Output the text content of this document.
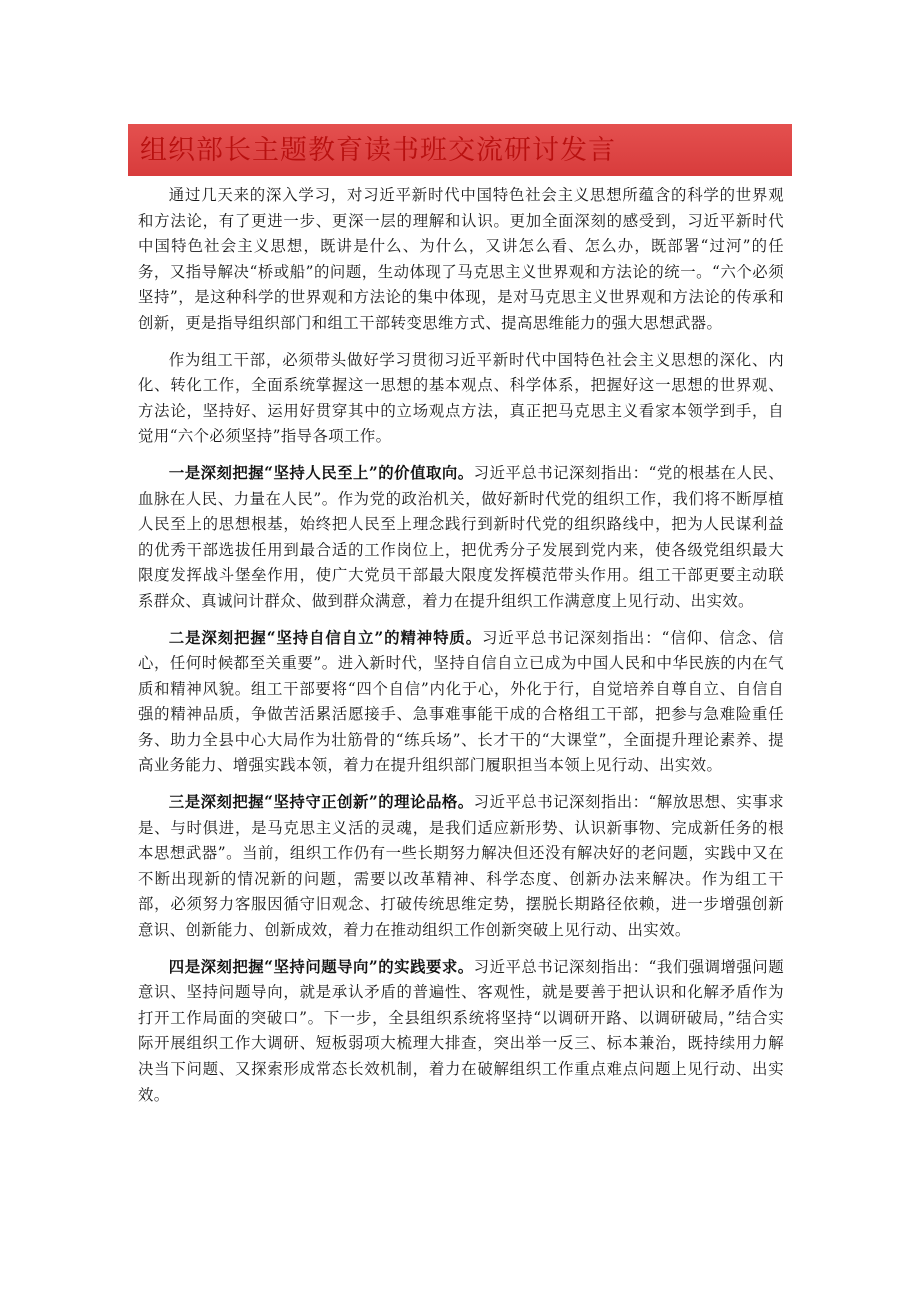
组织部长主题教育读书班交流研讨发言

通过几天来的深入学习，对习近平新时代中国特色社会主义思想所蕴含的科学的世界观和方法论，有了更进一步、更深一层的理解和认识。更加全面深刻的感受到，习近平新时代中国特色社会主义思想，既讲是什么、为什么，又讲怎么看、怎么办，既部署“过河”的任务，又指导解决“桥或船”的问题，生动体现了马克思主义世界观和方法论的统一。“六个必须坚持”，是这种科学的世界观和方法论的集中体现，是对马克思主义世界观和方法论的传承和创新，更是指导组织部门和组工干部转变思维方式、提高思维能力的强大思想武器。

作为组工干部，必须带头做好学习贯彻习近平新时代中国特色社会主义思想的深化、内化、转化工作，全面系统掌握这一思想的基本观点、科学体系，把握好这一思想的世界观、方法论，坚持好、运用好贯穿其中的立场观点方法，真正把马克思主义看家本领学到手，自觉用“六个必须坚持”指导各项工作。

一是深刻把握“坚持人民至上”的价值取向。习近平总书记深刻指出：“党的根基在人民、血脉在人民、力量在人民”。作为党的政治机关，做好新时代党的组织工作，我们将不断厚植人民至上的思想根基，始终把人民至上理念践行到新时代党的组织路线中，把为人民谋利益的优秀干部选拔任用到最合适的工作岗位上，把优秀分子发展到党内来，使各级党组织最大限度发挥战斗堡垒作用，使广大党员干部最大限度发挥模范带头作用。组工干部更要主动联系群众、真诚问计群众、做到群众满意，着力在提升组织工作满意度上见行动、出实效。

二是深刻把握“坚持自信自立”的精神特质。习近平总书记深刻指出：“信仰、信念、信心，任何时候都至关重要”。进入新时代，坚持自信自立已成为中国人民和中华民族的内在气质和精神风貌。组工干部要将“四个自信”内化于心，外化于行，自觉培养自尊自立、自信自强的精神品质，争做苦活累活愿接手、急事难事能干成的合格组工干部，把参与急难险重任务、助力全县中心大局作为壮筋骨的“练兵场”、长才干的“大课堂”，全面提升理论素养、提高业务能力、增强实践本领，着力在提升组织部门履职担当本领上见行动、出实效。

三是深刻把握“坚持守正创新”的理论品格。习近平总书记深刻指出：“解放思想、实事求是、与时俱进，是马克思主义活的灵魂，是我们适应新形势、认识新事物、完成新任务的根本思想武器”。当前，组织工作仍有一些长期努力解决但还没有解决好的老问题，实践中又在不断出现新的情况新的问题，需要以改革精神、科学态度、创新办法来解决。作为组工干部，必须努力客服因循守旧观念、打破传统思维定势，摆脱长期路径依赖，进一步增强创新意识、创新能力、创新成效，着力在推动组织工作创新突破上见行动、出实效。

四是深刻把握“坚持问题导向”的实践要求。习近平总书记深刻指出：“我们强调增强问题意识、坚持问题导向，就是承认矛盾的普遍性、客观性，就是要善于把认识和化解矛盾作为打开工作局面的突破口”。下一步，全县组织系统将坚持“以调研开路、以调研破局，”结合实际开展组织工作大调研、短板弱项大梳理大排查，突出举一反三、标本兼治，既持续用力解决当下问题、又探索形成常态长效机制，着力在破解组织工作重点难点问题上见行动、出实效。
